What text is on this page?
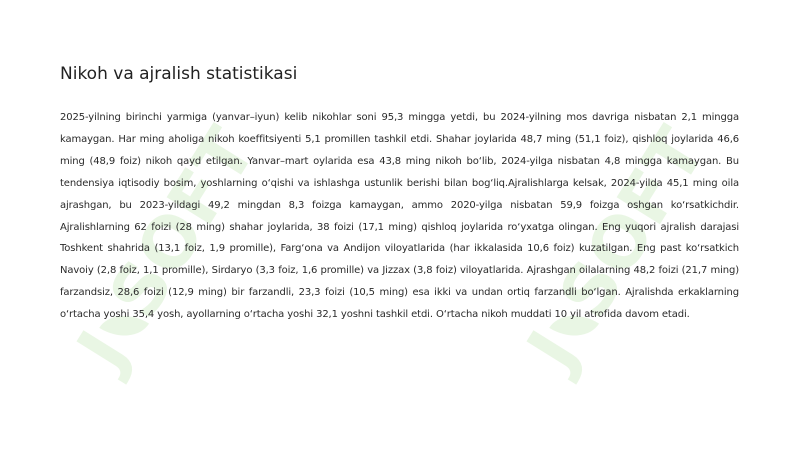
JSOFT
JSOFT
Nikoh va ajralish statistikasi

2025-yilning birinchi yarmiga (yanvar–iyun) kelib nikohlar soni 95,3 mingga yetdi, bu 2024-yilning mos davriga nisbatan 2,1 mingga kamaygan. Har ming aholiga nikoh koeffitsiyenti 5,1 promillen tashkil etdi. Shahar joylarida 48,7 ming (51,1 foiz), qishloq joylarida 46,6 ming (48,9 foiz) nikoh qayd etilgan. Yanvar–mart oylarida esa 43,8 ming nikoh bo‘lib, 2024-yilga nisbatan 4,8 mingga kamaygan. Bu tendensiya iqtisodiy bosim, yoshlarning o‘qishi va ishlashga ustunlik berishi bilan bog‘liq.Ajralishlarga kelsak, 2024-yilda 45,1 ming oila ajrashgan, bu 2023-yildagi 49,2 mingdan 8,3 foizga kamaygan, ammo 2020-yilga nisbatan 59,9 foizga oshgan ko‘rsatkichdir. Ajralishlarning 62 foizi (28 ming) shahar joylarida, 38 foizi (17,1 ming) qishloq joylarida ro‘yxatga olingan. Eng yuqori ajralish darajasi Toshkent shahrida (13,1 foiz, 1,9 promille), Farg‘ona va Andijon viloyatlarida (har ikkalasida 10,6 foiz) kuzatilgan. Eng past ko‘rsatkich Navoiy (2,8 foiz, 1,1 promille), Sirdaryo (3,3 foiz, 1,6 promille) va Jizzax (3,8 foiz) viloyatlarida. Ajrashgan oilalarning 48,2 foizi (21,7 ming) farzandsiz, 28,6 foizi (12,9 ming) bir farzandli, 23,3 foizi (10,5 ming) esa ikki va undan ortiq farzandli bo‘lgan. Ajralishda erkaklarning o‘rtacha yoshi 35,4 yosh, ayollarning o‘rtacha yoshi 32,1 yoshni tashkil etdi. O‘rtacha nikoh muddati 10 yil atrofida davom etadi.
